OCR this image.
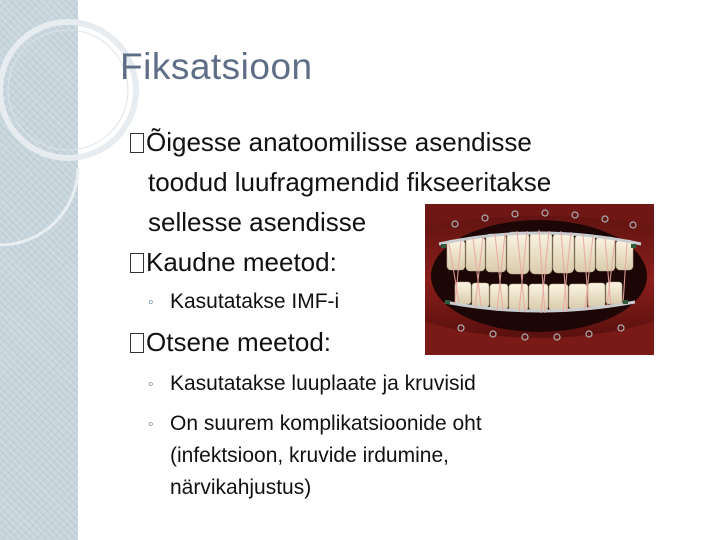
Fiksatsioon
Õigesse anatoomilisse asendisse
toodud luufragmendid fikseeritakse
sellesse asendisse
Kaudne meetod:
◦ Kasutatakse IMF-i
Otsene meetod:
◦ Kasutatakse luuplaate ja kruvisid
◦ On suurem komplikatsioonide oht
(infektsioon, kruvide irdumine,
närvikahjustus)
